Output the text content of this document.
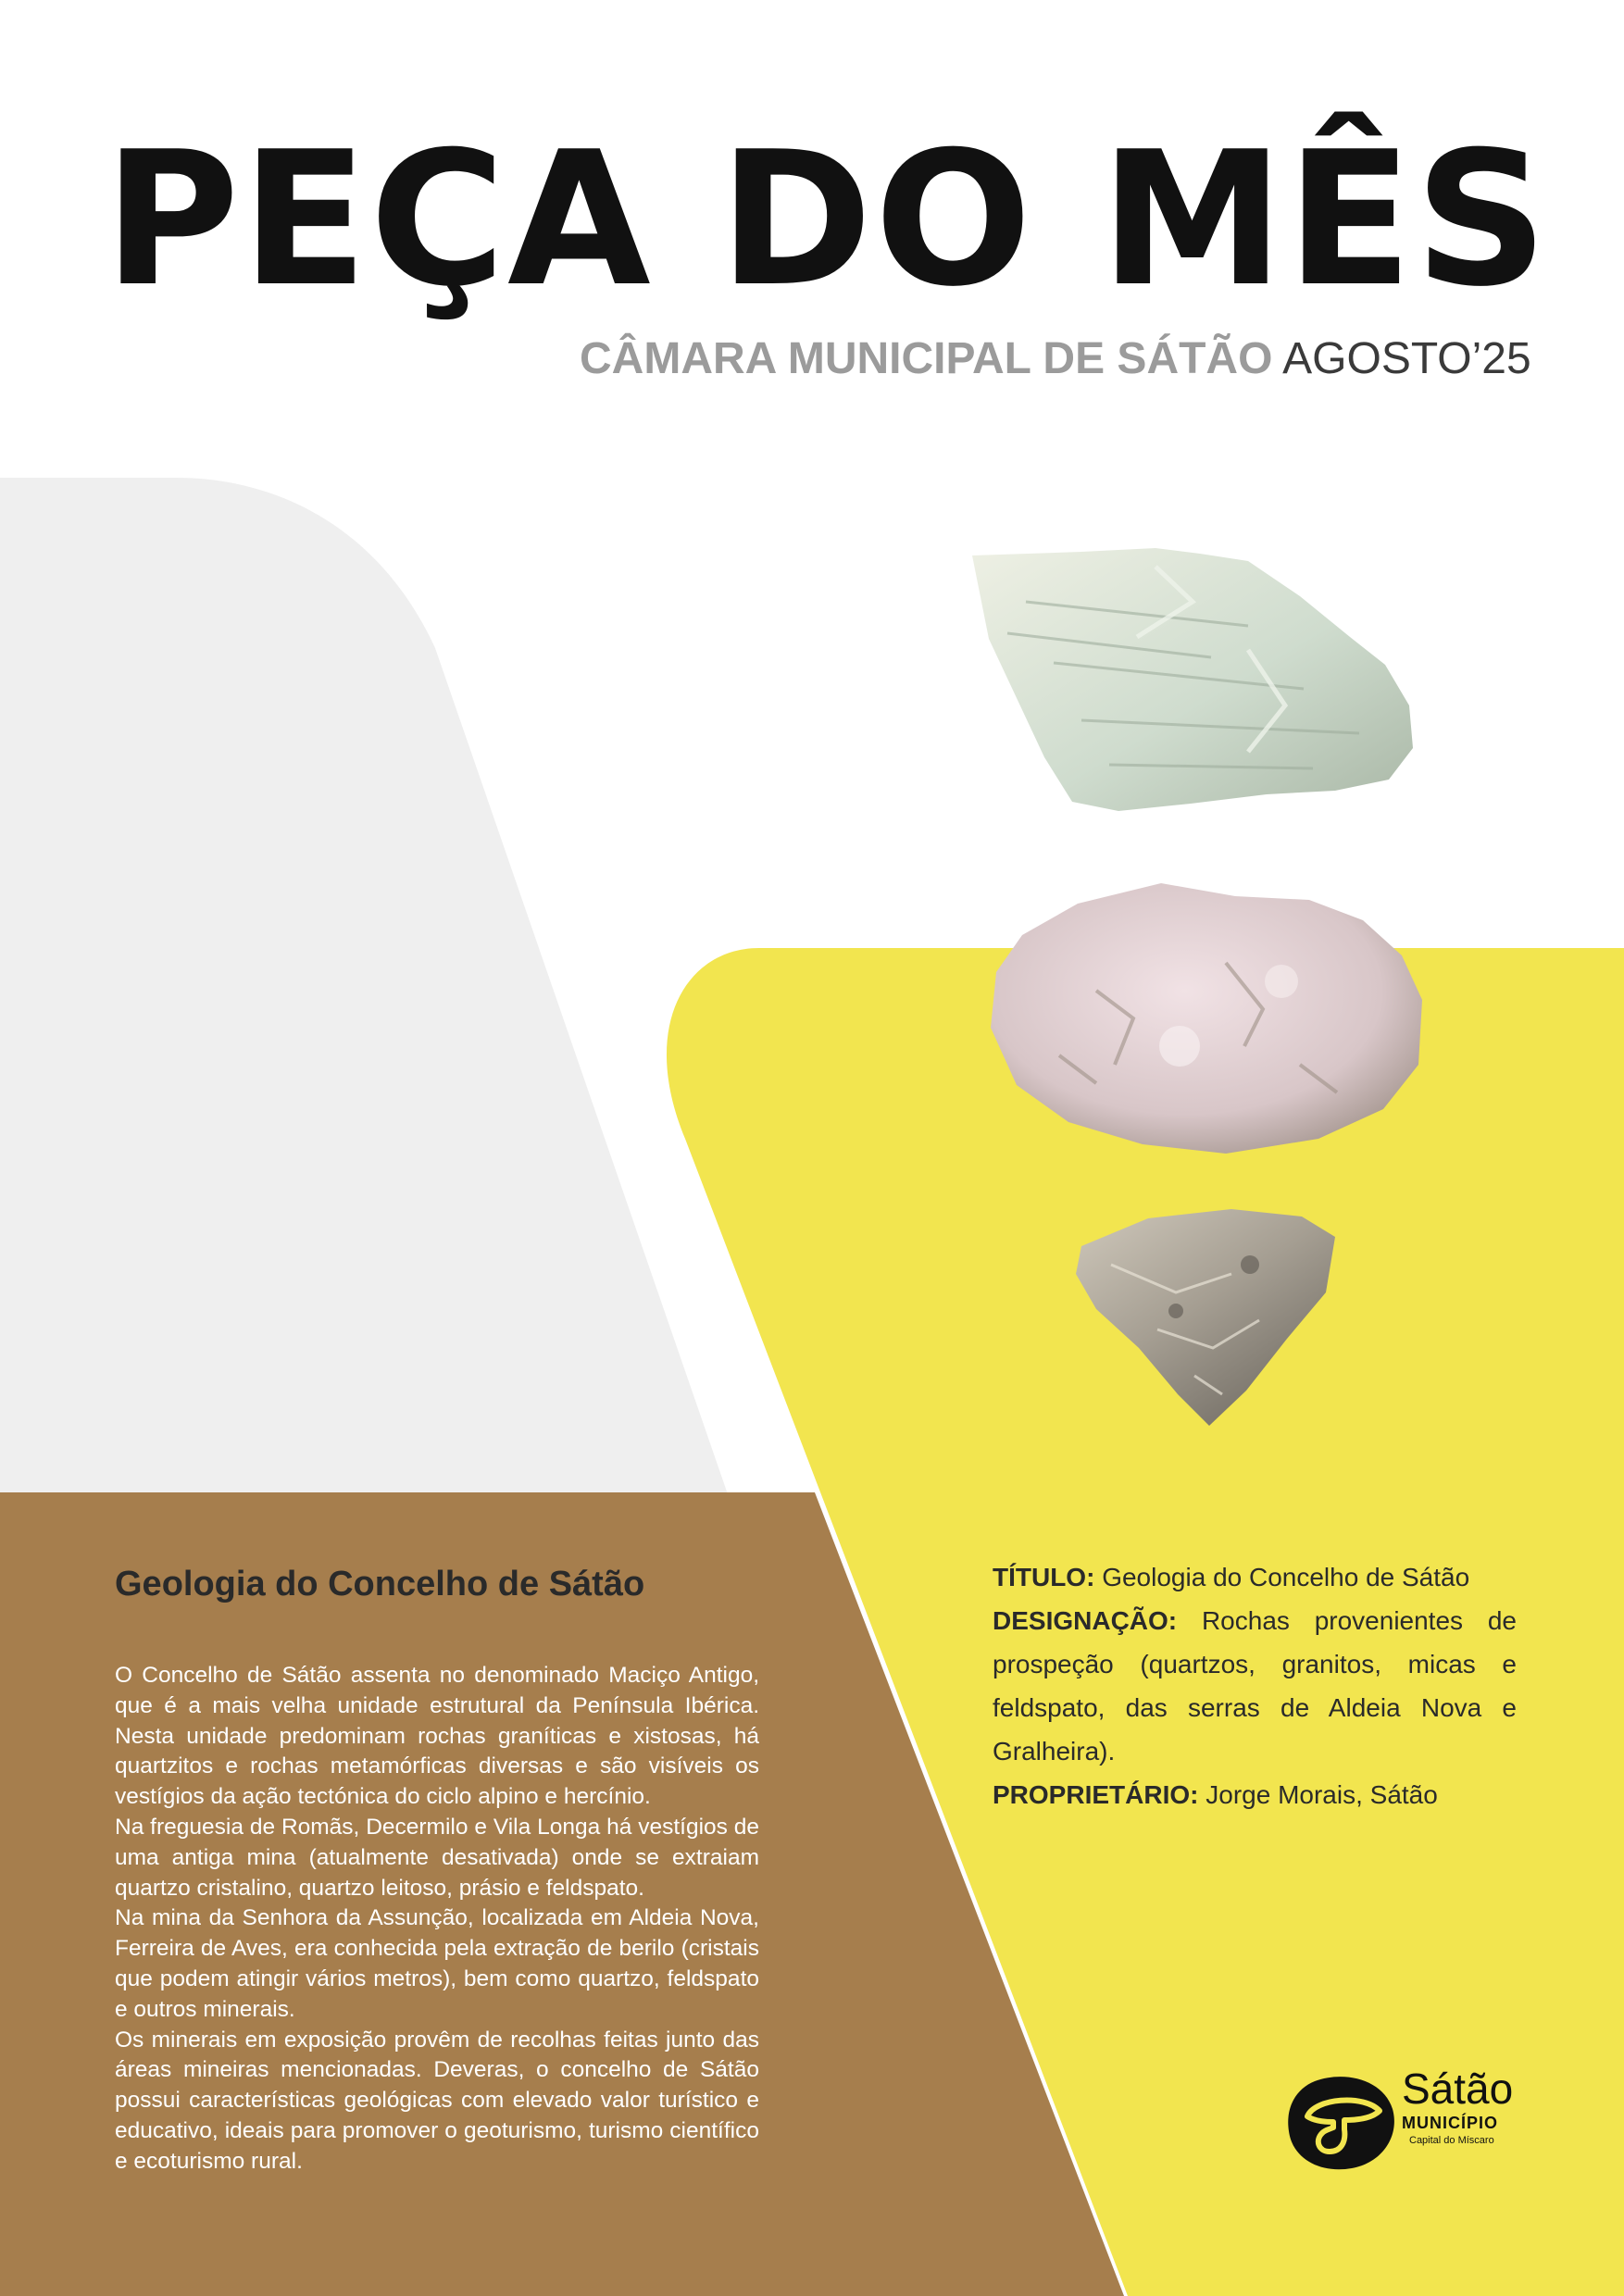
PEÇA DO MÊS
CÂMARA MUNICIPAL DE SÁTÃO AGOSTO’25
Geologia do Concelho de Sátão

O Concelho de Sátão assenta no denominado Maciço Antigo, que é a mais velha unidade estrutural da Península Ibérica. Nesta unidade predominam rochas graníticas e xistosas, há quartzitos e rochas metamórficas diversas e são visíveis os vestígios da ação tectónica do ciclo alpino e hercínio.

Na freguesia de Romãs, Decermilo e Vila Longa há vestígios de uma antiga mina (atualmente desativada) onde se extraiam quartzo cristalino, quartzo leitoso, prásio e feldspato.

Na mina da Senhora da Assunção, localizada em Aldeia Nova, Ferreira de Aves, era conhecida pela extração de berilo (cristais que podem atingir vários metros), bem como quartzo, feldspato e outros minerais.

Os minerais em exposição provêm de recolhas feitas junto das áreas mineiras mencionadas. Deveras, o concelho de Sátão possui características geológicas com elevado valor turístico e educativo, ideais para promover o geoturismo, turismo científico e ecoturismo rural.

TÍTULO: Geologia do Concelho de Sátão

DESIGNAÇÃO: Rochas provenientes de prospeção (quartzos, granitos, micas e feldspato, das serras de Aldeia Nova e Gralheira).

PROPRIETÁRIO: Jorge Morais, Sátão

Sátão
MUNICÍPIO
Capital do Míscaro
